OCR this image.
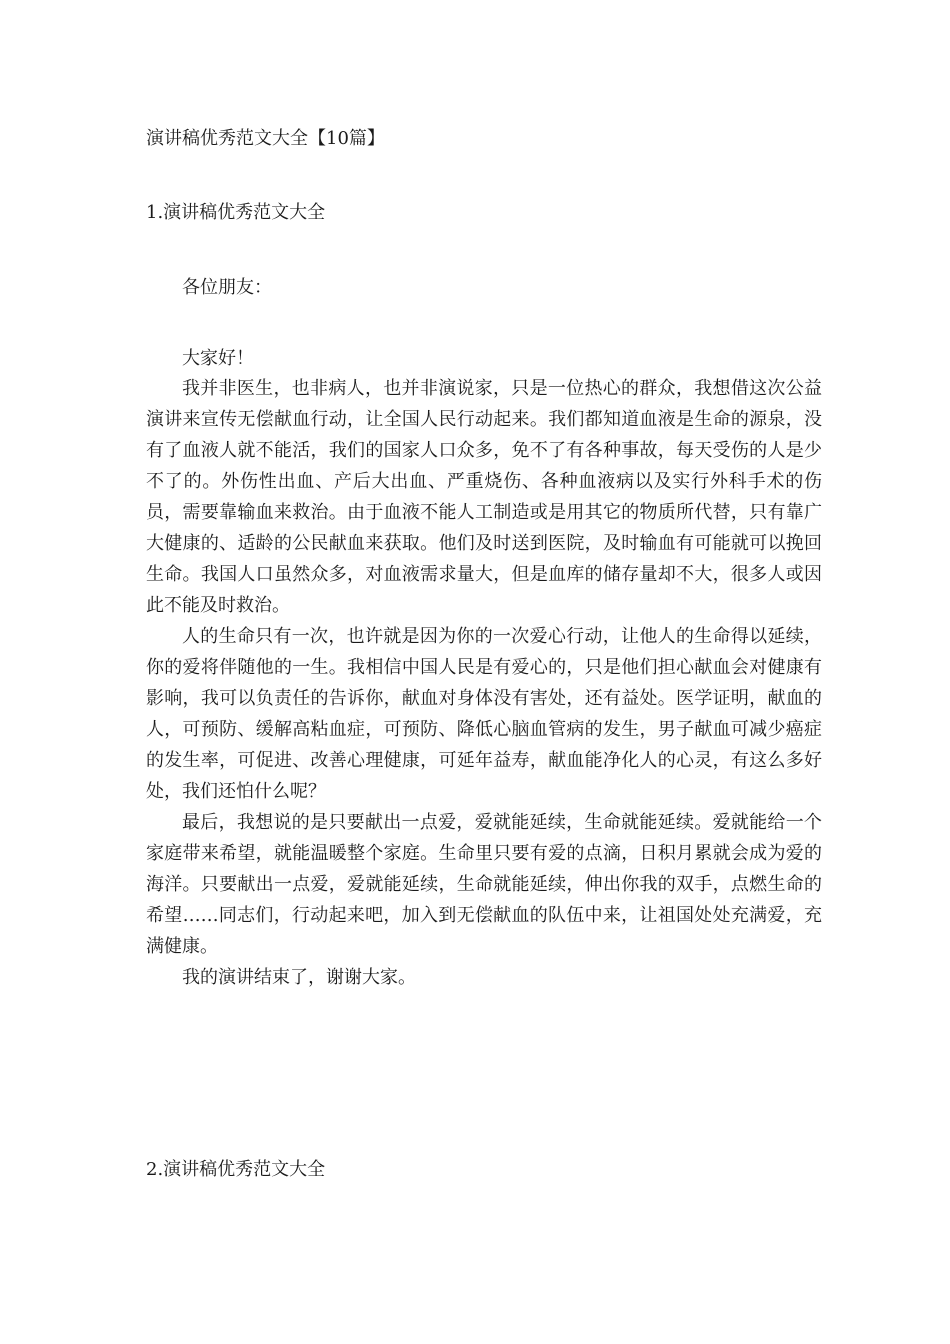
演讲稿优秀范文大全【10篇】
1.演讲稿优秀范文大全
各位朋友：
大家好！

我并非医生，也非病人，也并非演说家，只是一位热心的群众，我想借这次公益演讲来宣传无偿献血行动，让全国人民行动起来。我们都知道血液是生命的源泉，没有了血液人就不能活，我们的国家人口众多，免不了有各种事故，每天受伤的人是少不了的。外伤性出血、产后大出血、严重烧伤、各种血液病以及实行外科手术的伤员，需要靠输血来救治。由于血液不能人工制造或是用其它的物质所代替，只有靠广大健康的、适龄的公民献血来获取。他们及时送到医院，及时输血有可能就可以挽回生命。我国人口虽然众多，对血液需求量大，但是血库的储存量却不大，很多人或因此不能及时救治。

人的生命只有一次，也许就是因为你的一次爱心行动，让他人的生命得以延续，你的爱将伴随他的一生。我相信中国人民是有爱心的，只是他们担心献血会对健康有影响，我可以负责任的告诉你，献血对身体没有害处，还有益处。医学证明，献血的人，可预防、缓解高粘血症，可预防、降低心脑血管病的发生，男子献血可减少癌症的发生率，可促进、改善心理健康，可延年益寿，献血能净化人的心灵，有这么多好处，我们还怕什么呢？

最后，我想说的是只要献出一点爱，爱就能延续，生命就能延续。爱就能给一个家庭带来希望，就能温暖整个家庭。生命里只要有爱的点滴，日积月累就会成为爱的海洋。只要献出一点爱，爱就能延续，生命就能延续，伸出你我的双手，点燃生命的希望……同志们，行动起来吧，加入到无偿献血的队伍中来，让祖国处处充满爱，充满健康。

我的演讲结束了，谢谢大家。

2.演讲稿优秀范文大全
